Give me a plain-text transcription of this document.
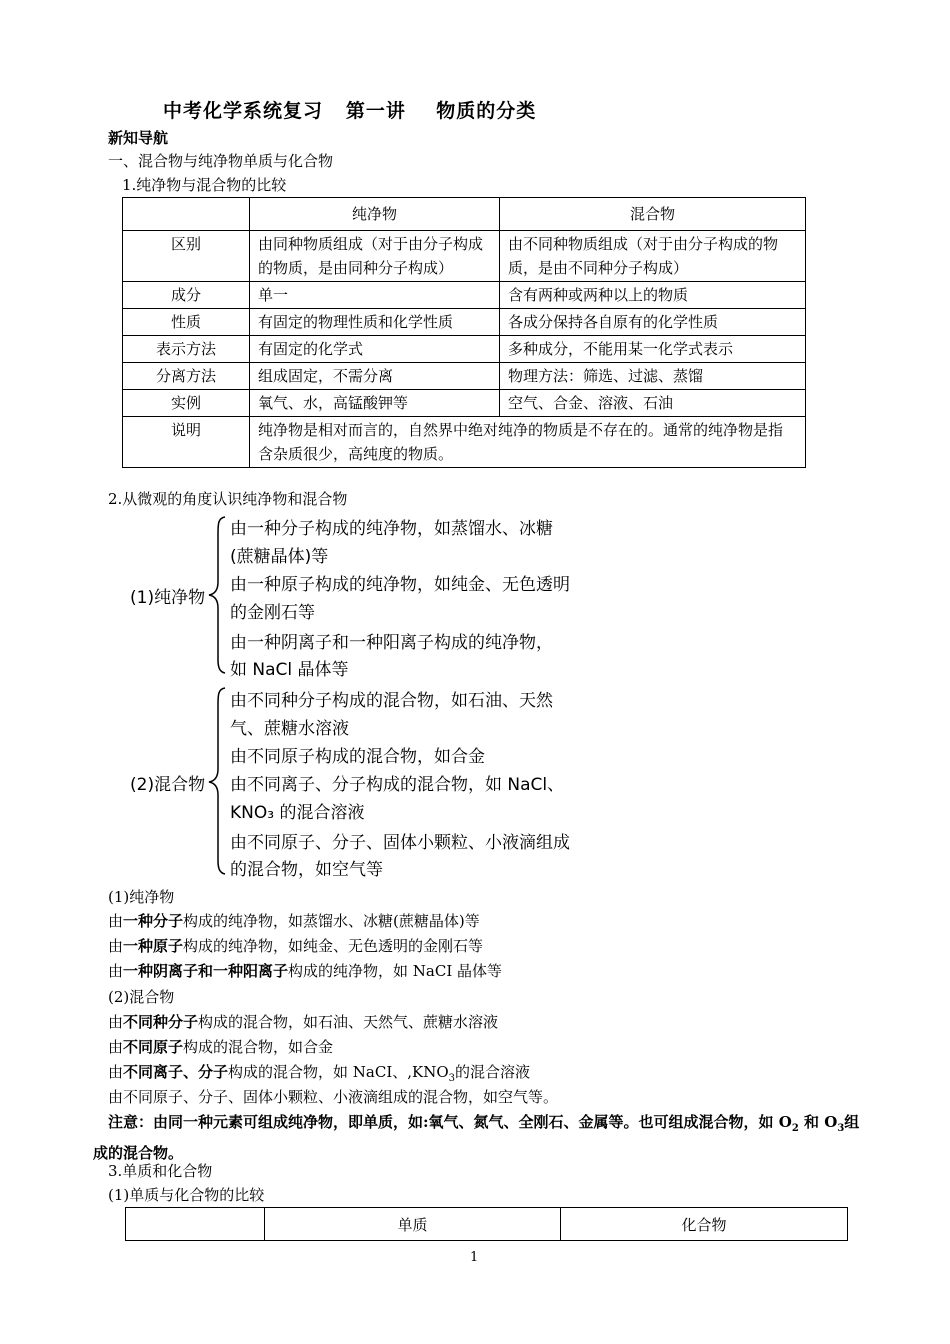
中考化学系统复习   第一讲    物质的分类
新知导航
一、混合物与纯净物单质与化合物
1.纯净物与混合物的比较
	纯净物	混合物
区别	由同种物质组成（对于由分子构成的物质，是由同种分子构成）	由不同种物质组成（对于由分子构成的物质，是由不同种分子构成）
成分	单一	含有两种或两种以上的物质
性质	有固定的物理性质和化学性质	各成分保持各自原有的化学性质
表示方法	有固定的化学式	多种成分，不能用某一化学式表示
分离方法	组成固定，不需分离	物理方法：筛选、过滤、蒸馏
实例	氧气、水，高锰酸钾等	空气、合金、溶液、石油
说明	纯净物是相对而言的，自然界中绝对纯净的物质是不存在的。通常的纯净物是指含杂质很少，高纯度的物质。	
2.从微观的角度认识纯净物和混合物
(1)纯净物
由一种分子构成的纯净物，如蒸馏水、冰糖
(蔗糖晶体)等
由一种原子构成的纯净物，如纯金、无色透明
的金刚石等
由一种阴离子和一种阳离子构成的纯净物，
如 NaCl 晶体等
(2)混合物
由不同种分子构成的混合物，如石油、天然
气、蔗糖水溶液
由不同原子构成的混合物，如合金
由不同离子、分子构成的混合物，如 NaCl、
KNO₃ 的混合溶液
由不同原子、分子、固体小颗粒、小液滴组成
的混合物，如空气等
(1)纯净物
由一种分子构成的纯净物，如蒸馏水、冰糖(蔗糖晶体)等
由一种原子构成的纯净物，如纯金、无色透明的金刚石等
由一种阴离子和一种阳离子构成的纯净物，如 NaCI 晶体等
(2)混合物
由不同种分子构成的混合物，如石油、天然气、蔗糖水溶液
由不同原子构成的混合物，如合金
由不同离子、分子构成的混合物，如 NaCI、$,KNO_3$的混合溶液
由不同原子、分子、固体小颗粒、小液滴组成的混合物，如空气等。
注意：由同一种元素可组成纯净物，即单质，如:氧气、氮气、全刚石、金属等。也可组成混合物，如 $O_2$ 和 $O_3$组成的混合物。
3.单质和化合物
(1)单质与化合物的比较
	单质	化合物
1
